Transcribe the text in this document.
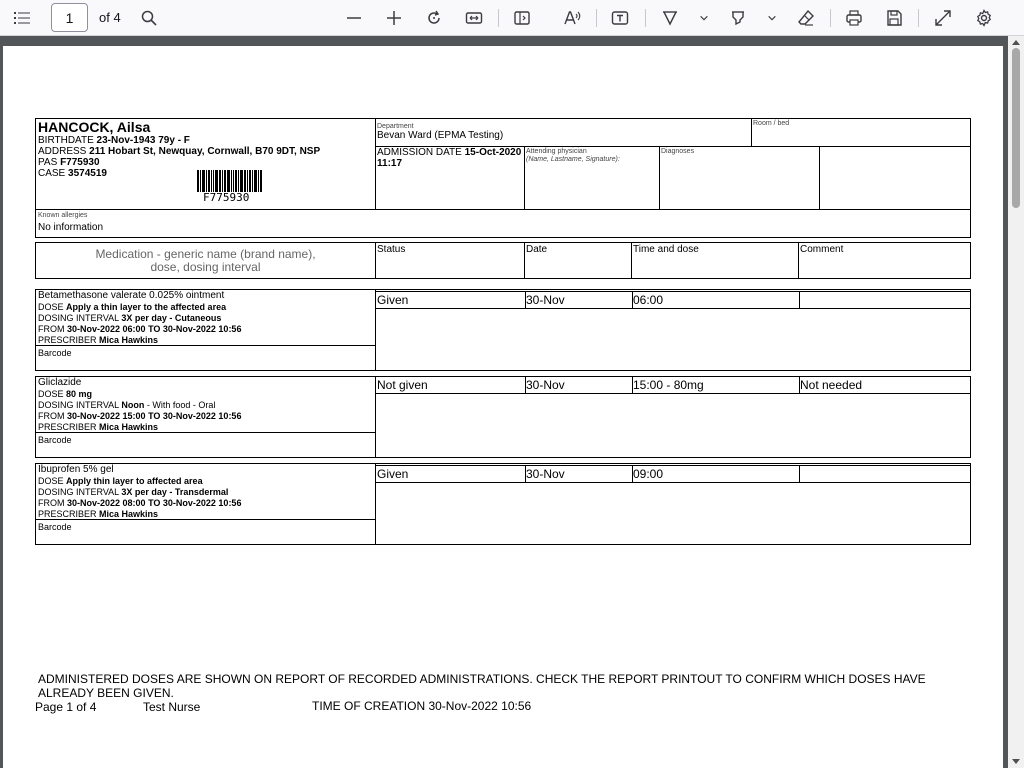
1
of 4
HANCOCK, Ailsa
BIRTHDATE 23-Nov-1943 79y - F
ADDRESS 211 Hobart St, Newquay, Cornwall, B70 9DT, NSP
PAS F775930
CASE 3574519
F775930
Department
Bevan Ward (EPMA Testing)
Room / bed
ADMISSION DATE 15-Oct-2020
11:17
Attending physician
(Name, Lastname, Signature):
Diagnoses
Known allergies
No information
Medication - generic name (brand name),
dose, dosing interval
Status	Date	Time and dose	Comment
Betamethasone valerate 0.025% ointment
DOSE Apply a thin layer to the affected area
DOSING INTERVAL 3X per day - Cutaneous
FROM 30-Nov-2022 06:00 TO 30-Nov-2022 10:56
PRESCRIBER Mica Hawkins
Barcode
Given	30-Nov	06:00
Gliclazide
DOSE 80 mg
DOSING INTERVAL Noon - With food - Oral
FROM 30-Nov-2022 15:00 TO 30-Nov-2022 10:56
PRESCRIBER Mica Hawkins
Barcode
Not given	30-Nov	15:00 - 80mg	Not needed
Ibuprofen 5% gel
DOSE Apply thin layer to affected area
DOSING INTERVAL 3X per day - Transdermal
FROM 30-Nov-2022 08:00 TO 30-Nov-2022 10:56
PRESCRIBER Mica Hawkins
Barcode
Given	30-Nov	09:00
ADMINISTERED DOSES ARE SHOWN ON REPORT OF RECORDED ADMINISTRATIONS. CHECK THE REPORT PRINTOUT TO CONFIRM WHICH DOSES HAVE
ALREADY BEEN GIVEN.
Page 1 of 4	Test Nurse	TIME OF CREATION 30-Nov-2022 10:56
